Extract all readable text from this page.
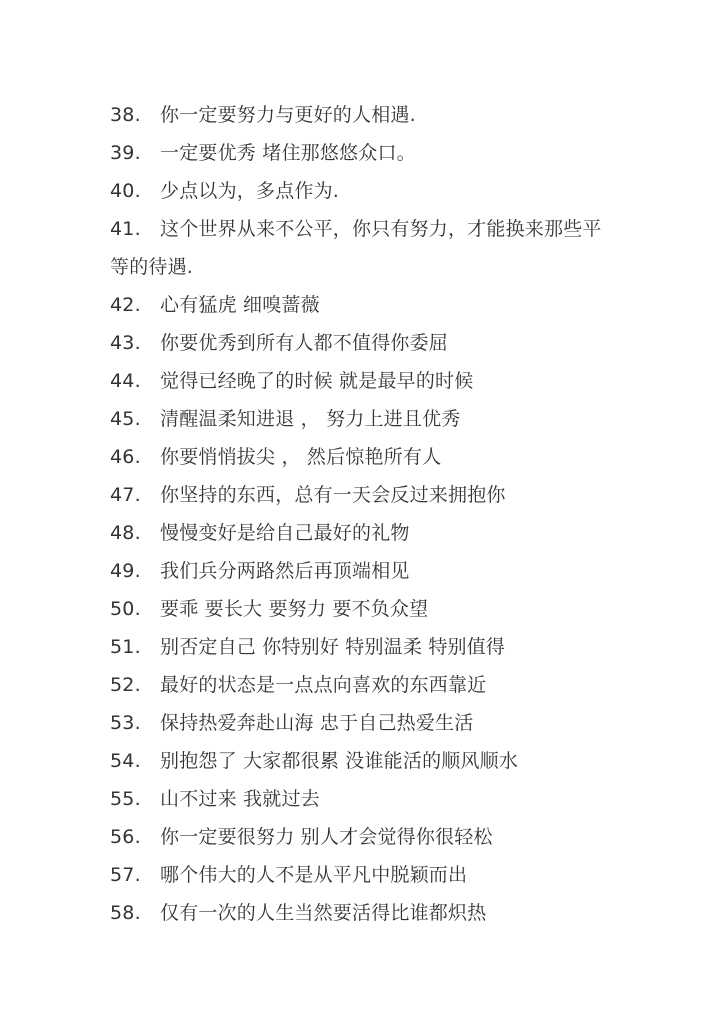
38.	你一定要努力与更好的人相遇.
39.	一定要优秀 堵住那悠悠众口。
40.	少点以为，多点作为.
41.	这个世界从来不公平，你只有努力，才能换来那些平
等的待遇.
42.	心有猛虎 细嗅蔷薇
43.	你要优秀到所有人都不值得你委屈
44.	觉得已经晚了的时候 就是最早的时候
45.	清醒温柔知进退 ， 努力上进且优秀
46.	你要悄悄拔尖 ， 然后惊艳所有人
47.	你坚持的东西，总有一天会反过来拥抱你
48.	慢慢变好是给自己最好的礼物
49.	我们兵分两路然后再顶端相见
50.	要乖 要长大 要努力 要不负众望
51.	别否定自己 你特别好 特别温柔 特别值得
52.	最好的状态是一点点向喜欢的东西靠近
53.	保持热爱奔赴山海 忠于自己热爱生活
54.	别抱怨了 大家都很累 没谁能活的顺风顺水
55.	山不过来 我就过去
56.	你一定要很努力 别人才会觉得你很轻松
57.	哪个伟大的人不是从平凡中脱颖而出
58.	仅有一次的人生当然要活得比谁都炽热
